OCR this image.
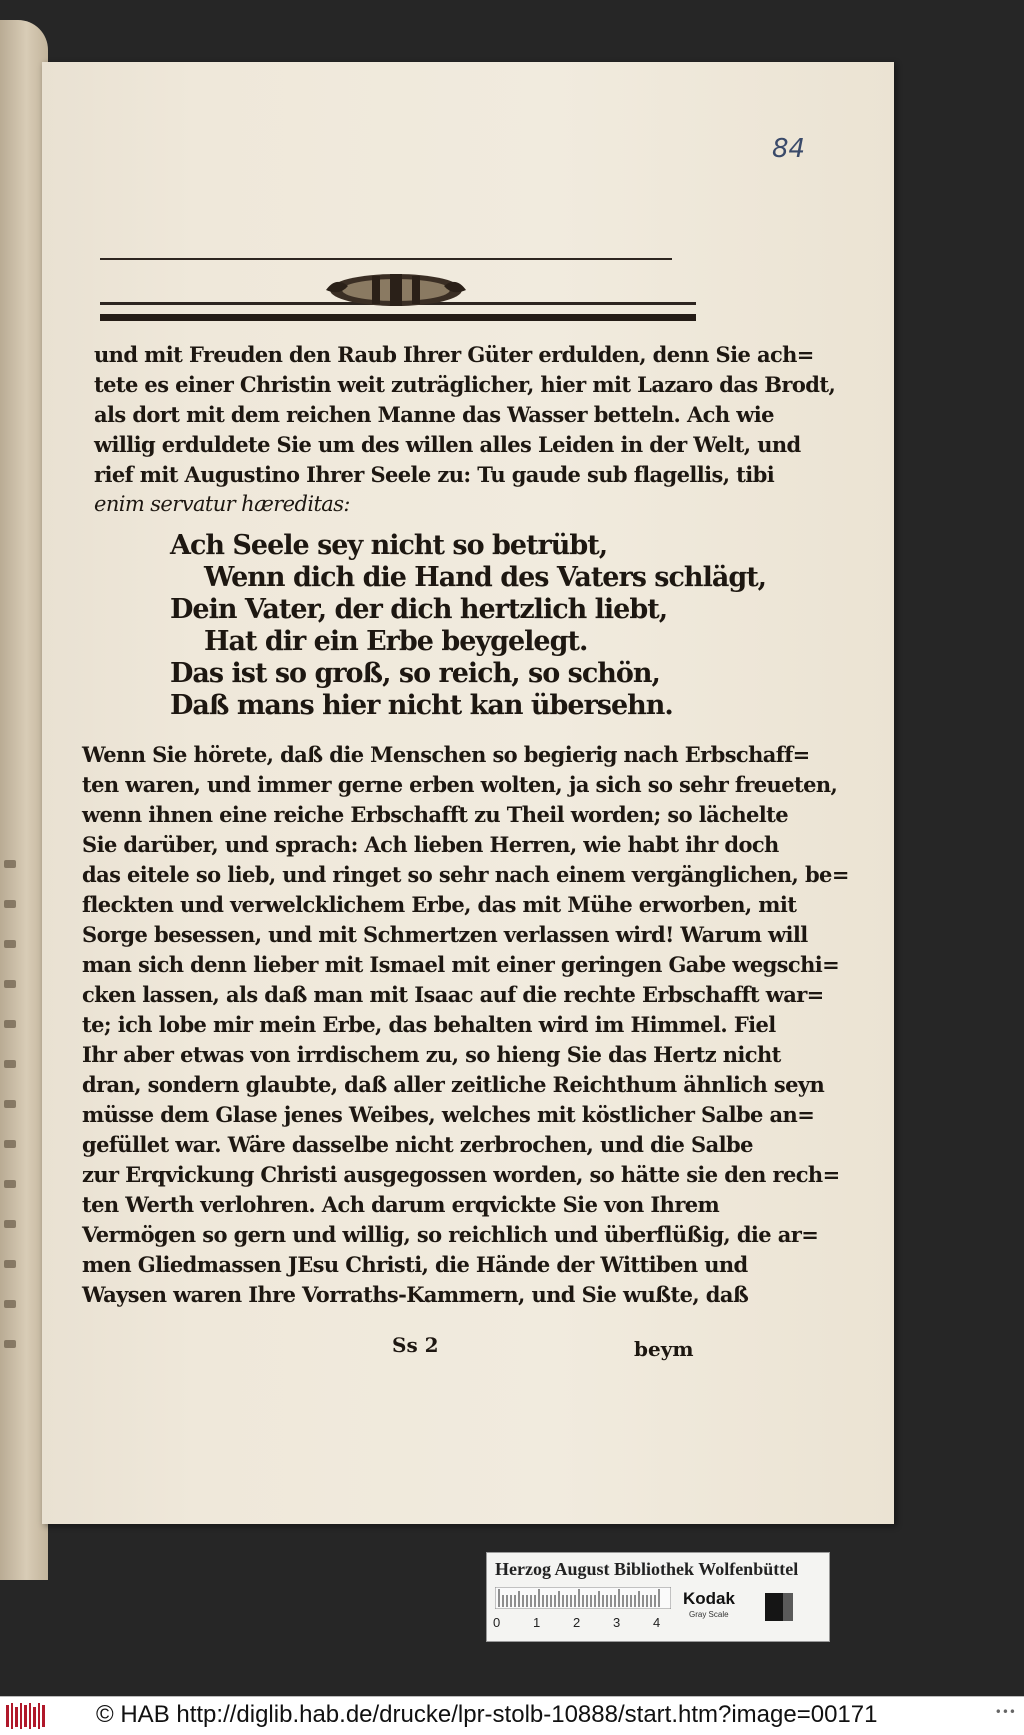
84
und mit Freuden den Raub Ihrer Güter erdulden, denn Sie ach=
tete es einer Christin weit zuträglicher, hier mit Lazaro das Brodt,
als dort mit dem reichen Manne das Wasser betteln. Ach wie
willig erduldete Sie um des willen alles Leiden in der Welt, und
rief mit Augustino Ihrer Seele zu: Tu gaude sub flagellis, tibi
enim servatur hæreditas:
Ach Seele sey nicht so betrübt,
Wenn dich die Hand des Vaters schlägt,
Dein Vater, der dich hertzlich liebt,
Hat dir ein Erbe beygelegt.
Das ist so groß, so reich, so schön,
Daß mans hier nicht kan übersehn.
Wenn Sie hörete, daß die Menschen so begierig nach Erbschaff=
ten waren, und immer gerne erben wolten, ja sich so sehr freueten,
wenn ihnen eine reiche Erbschafft zu Theil worden; so lächelte
Sie darüber, und sprach: Ach lieben Herren, wie habt ihr doch
das eitele so lieb, und ringet so sehr nach einem vergänglichen, be=
fleckten und verwelcklichem Erbe, das mit Mühe erworben, mit
Sorge besessen, und mit Schmertzen verlassen wird! Warum will
man sich denn lieber mit Ismael mit einer geringen Gabe wegschi=
cken lassen, als daß man mit Isaac auf die rechte Erbschafft war=
te; ich lobe mir mein Erbe, das behalten wird im Himmel. Fiel
Ihr aber etwas von irrdischem zu, so hieng Sie das Hertz nicht
dran, sondern glaubte, daß aller zeitliche Reichthum ähnlich seyn
müsse dem Glase jenes Weibes, welches mit köstlicher Salbe an=
gefüllet war. Wäre dasselbe nicht zerbrochen, und die Salbe
zur Erqvickung Christi ausgegossen worden, so hätte sie den rech=
ten Werth verlohren. Ach darum erqvickte Sie von Ihrem
Vermögen so gern und willig, so reichlich und überflüßig, die ar=
men Gliedmassen JEsu Christi, die Hände der Wittiben und
Waysen waren Ihre Vorraths-Kammern, und Sie wußte, daß
Ss 2	beym
Herzog August Bibliothek Wolfenbüttel
0	1	2	3	4
Kodak
Gray Scale
© HAB http://diglib.hab.de/drucke/lpr-stolb-10888/start.htm?image=00171	•••
